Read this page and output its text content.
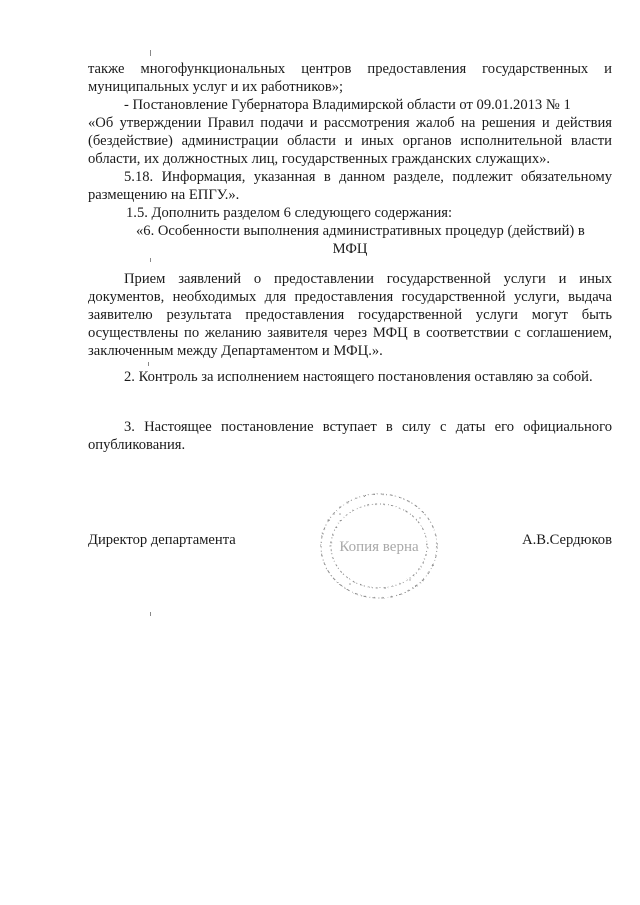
также многофункциональных центров предоставления государственных и муниципальных услуг и их работников»;

- Постановление Губернатора Владимирской области от 09.01.2013 № 1

«Об утверждении Правил подачи и рассмотрения жалоб на решения и действия (бездействие) администрации области и иных органов исполнительной власти области, их должностных лиц, государственных гражданских служащих».

5.18. Информация, указанная в данном разделе, подлежит обязательному размещению на ЕПГУ.».

1.5. Дополнить разделом 6 следующего содержания:

«6. Особенности выполнения административных процедур (действий) в

МФЦ

Прием заявлений о предоставлении государственной услуги и иных документов, необходимых для предоставления государственной услуги, выдача заявителю результата предоставления государственной услуги могут быть осуществлены по желанию заявителя через МФЦ в соответствии с соглашением, заключенным между Департаментом и МФЦ.».

2. Контроль за исполнением настоящего постановления оставляю за собой.

3. Настоящее постановление вступает в силу с даты его официального опубликования.

Директор департамента	А.В.Сердюков
Копия верна
